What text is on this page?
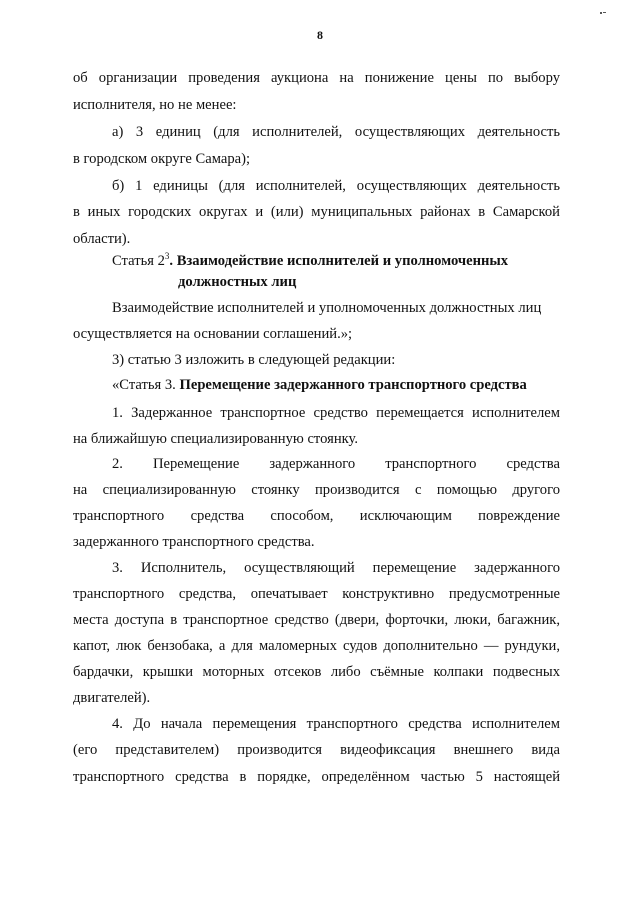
8
об организации проведения аукциона на понижение цены по выбору
исполнителя, но не менее:
а) 3 единиц (для исполнителей, осуществляющих деятельность
в городском округе Самара);
б) 1 единицы (для исполнителей, осуществляющих деятельность
в иных городских округах и (или) муниципальных районах в Самарской
области).
Статья $2^3$. Взаимодействие исполнителей и уполномоченных
должностных лиц
Взаимодействие исполнителей и уполномоченных должностных лиц
осуществляется на основании соглашений.»;
3) статью 3 изложить в следующей редакции:
«Статья 3. Перемещение задержанного транспортного средства
1. Задержанное транспортное средство перемещается исполнителем
на ближайшую специализированную стоянку.
2. Перемещение задержанного транспортного средства
на специализированную стоянку производится с помощью другого
транспортного средства способом, исключающим повреждение
задержанного транспортного средства.
3. Исполнитель, осуществляющий перемещение задержанного
транспортного средства, опечатывает конструктивно предусмотренные
места доступа в транспортное средство (двери, форточки, люки, багажник,
капот, люк бензобака, а для маломерных судов дополнительно — рундуки,
бардачки, крышки моторных отсеков либо съёмные колпаки подвесных
двигателей).
4. До начала перемещения транспортного средства исполнителем
(его представителем) производится видеофиксация внешнего вида
транспортного средства в порядке, определённом частью 5 настоящей
